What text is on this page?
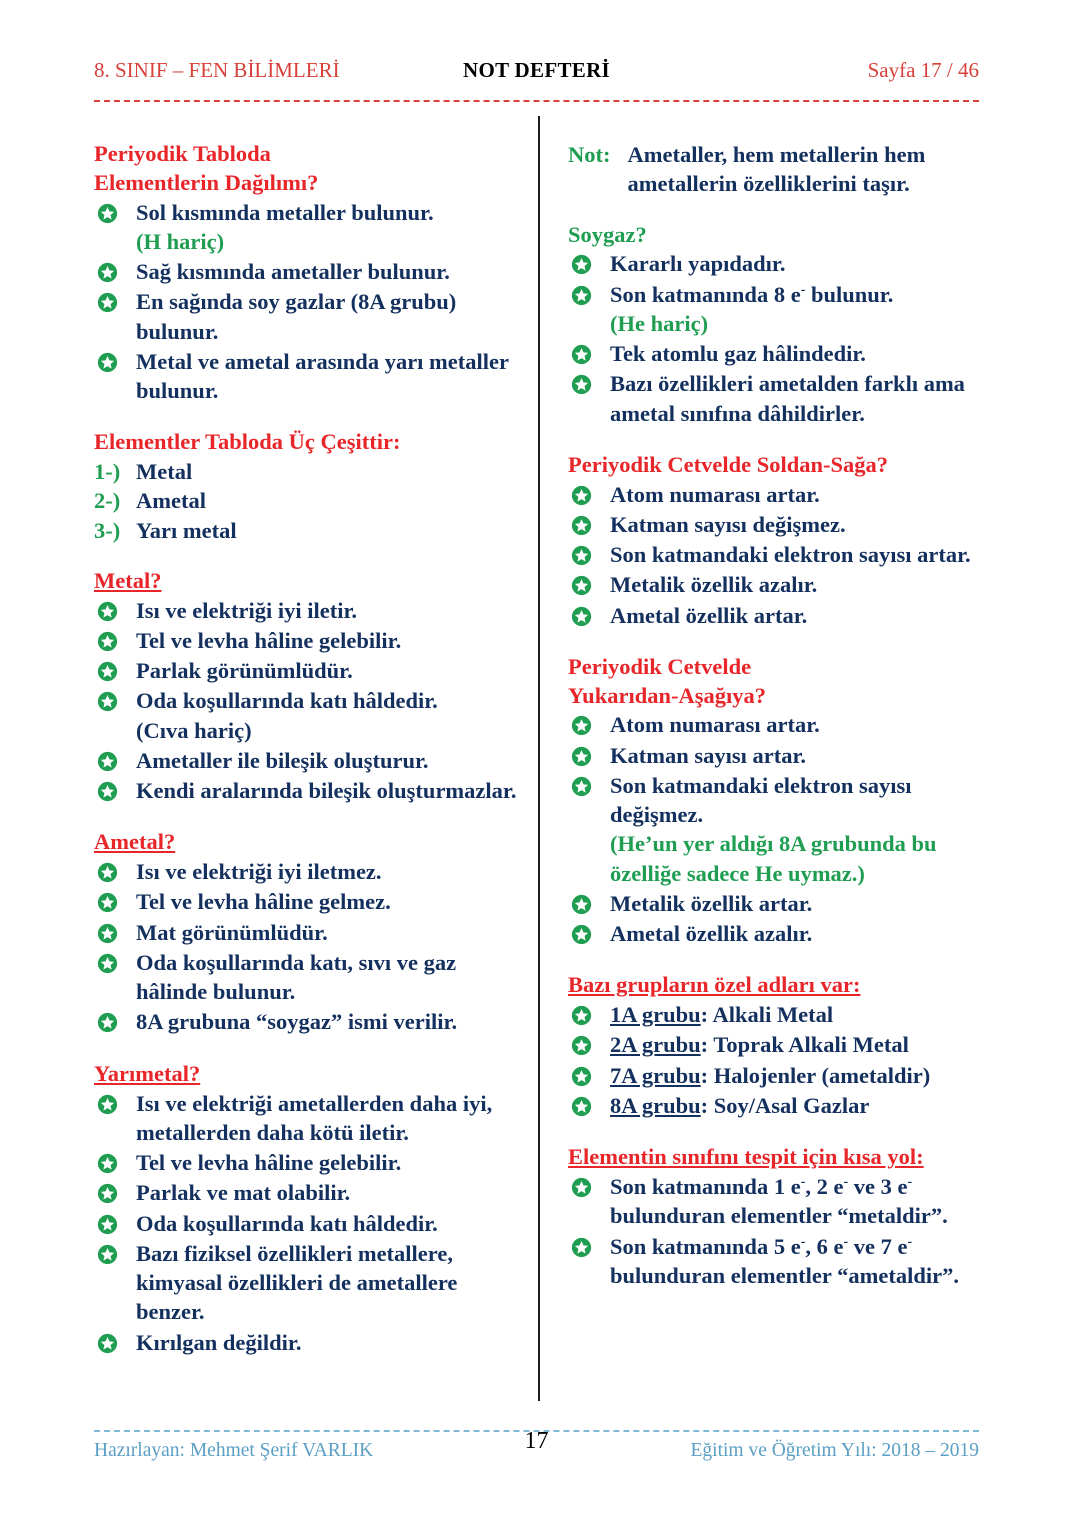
8. SINIF – FEN BİLİMLERİ	NOT DEFTERİ	Sayfa 17 / 46
Periyodik Tabloda
Elementlerin Dağılımı?
Sol kısmında metaller bulunur.
(H hariç)
Sağ kısmında ametaller bulunur.
En sağında soy gazlar (8A grubu) bulunur.
Metal ve ametal arasında yarı metaller bulunur.
Elementler Tabloda Üç Çeşittir:
1-) Metal
2-) Ametal
3-) Yarı metal
Metal?
Isı ve elektriği iyi iletir.
Tel ve levha hâline gelebilir.
Parlak görünümlüdür.
Oda koşullarında katı hâldedir.
(Cıva hariç)
Ametaller ile bileşik oluşturur.
Kendi aralarında bileşik oluşturmazlar.
Ametal?
Isı ve elektriği iyi iletmez.
Tel ve levha hâline gelmez.
Mat görünümlüdür.
Oda koşullarında katı, sıvı ve gaz hâlinde bulunur.
8A grubuna “soygaz” ismi verilir.
Yarımetal?
Isı ve elektriği ametallerden daha iyi, metallerden daha kötü iletir.
Tel ve levha hâline gelebilir.
Parlak ve mat olabilir.
Oda koşullarında katı hâldedir.
Bazı fiziksel özellikleri metallere, kimyasal özellikleri de ametallere benzer.
Kırılgan değildir.
Not: Ametaller, hem metallerin hem ametallerin özelliklerini taşır.
Soygaz?
Kararlı yapıdadır.
Son katmanında 8 e- bulunur.
(He hariç)
Tek atomlu gaz hâlindedir.
Bazı özellikleri ametalden farklı ama ametal sınıfına dâhildirler.
Periyodik Cetvelde Soldan-Sağa?
Atom numarası artar.
Katman sayısı değişmez.
Son katmandaki elektron sayısı artar.
Metalik özellik azalır.
Ametal özellik artar.
Periyodik Cetvelde
Yukarıdan-Aşağıya?
Atom numarası artar.
Katman sayısı artar.
Son katmandaki elektron sayısı değişmez.
(He’un yer aldığı 8A grubunda bu özelliğe sadece He uymaz.)
Metalik özellik artar.
Ametal özellik azalır.
Bazı grupların özel adları var:
1A grubu: Alkali Metal
2A grubu: Toprak Alkali Metal
7A grubu: Halojenler (ametaldir)
8A grubu: Soy/Asal Gazlar
Elementin sınıfını tespit için kısa yol:
Son katmanında 1 e-, 2 e- ve 3 e-
bulunduran elementler “metaldir”.
Son katmanında 5 e-, 6 e- ve 7 e-
bulunduran elementler “ametaldir”.
Hazırlayan: Mehmet Şerif VARLIK	17	Eğitim ve Öğretim Yılı: 2018 – 2019
